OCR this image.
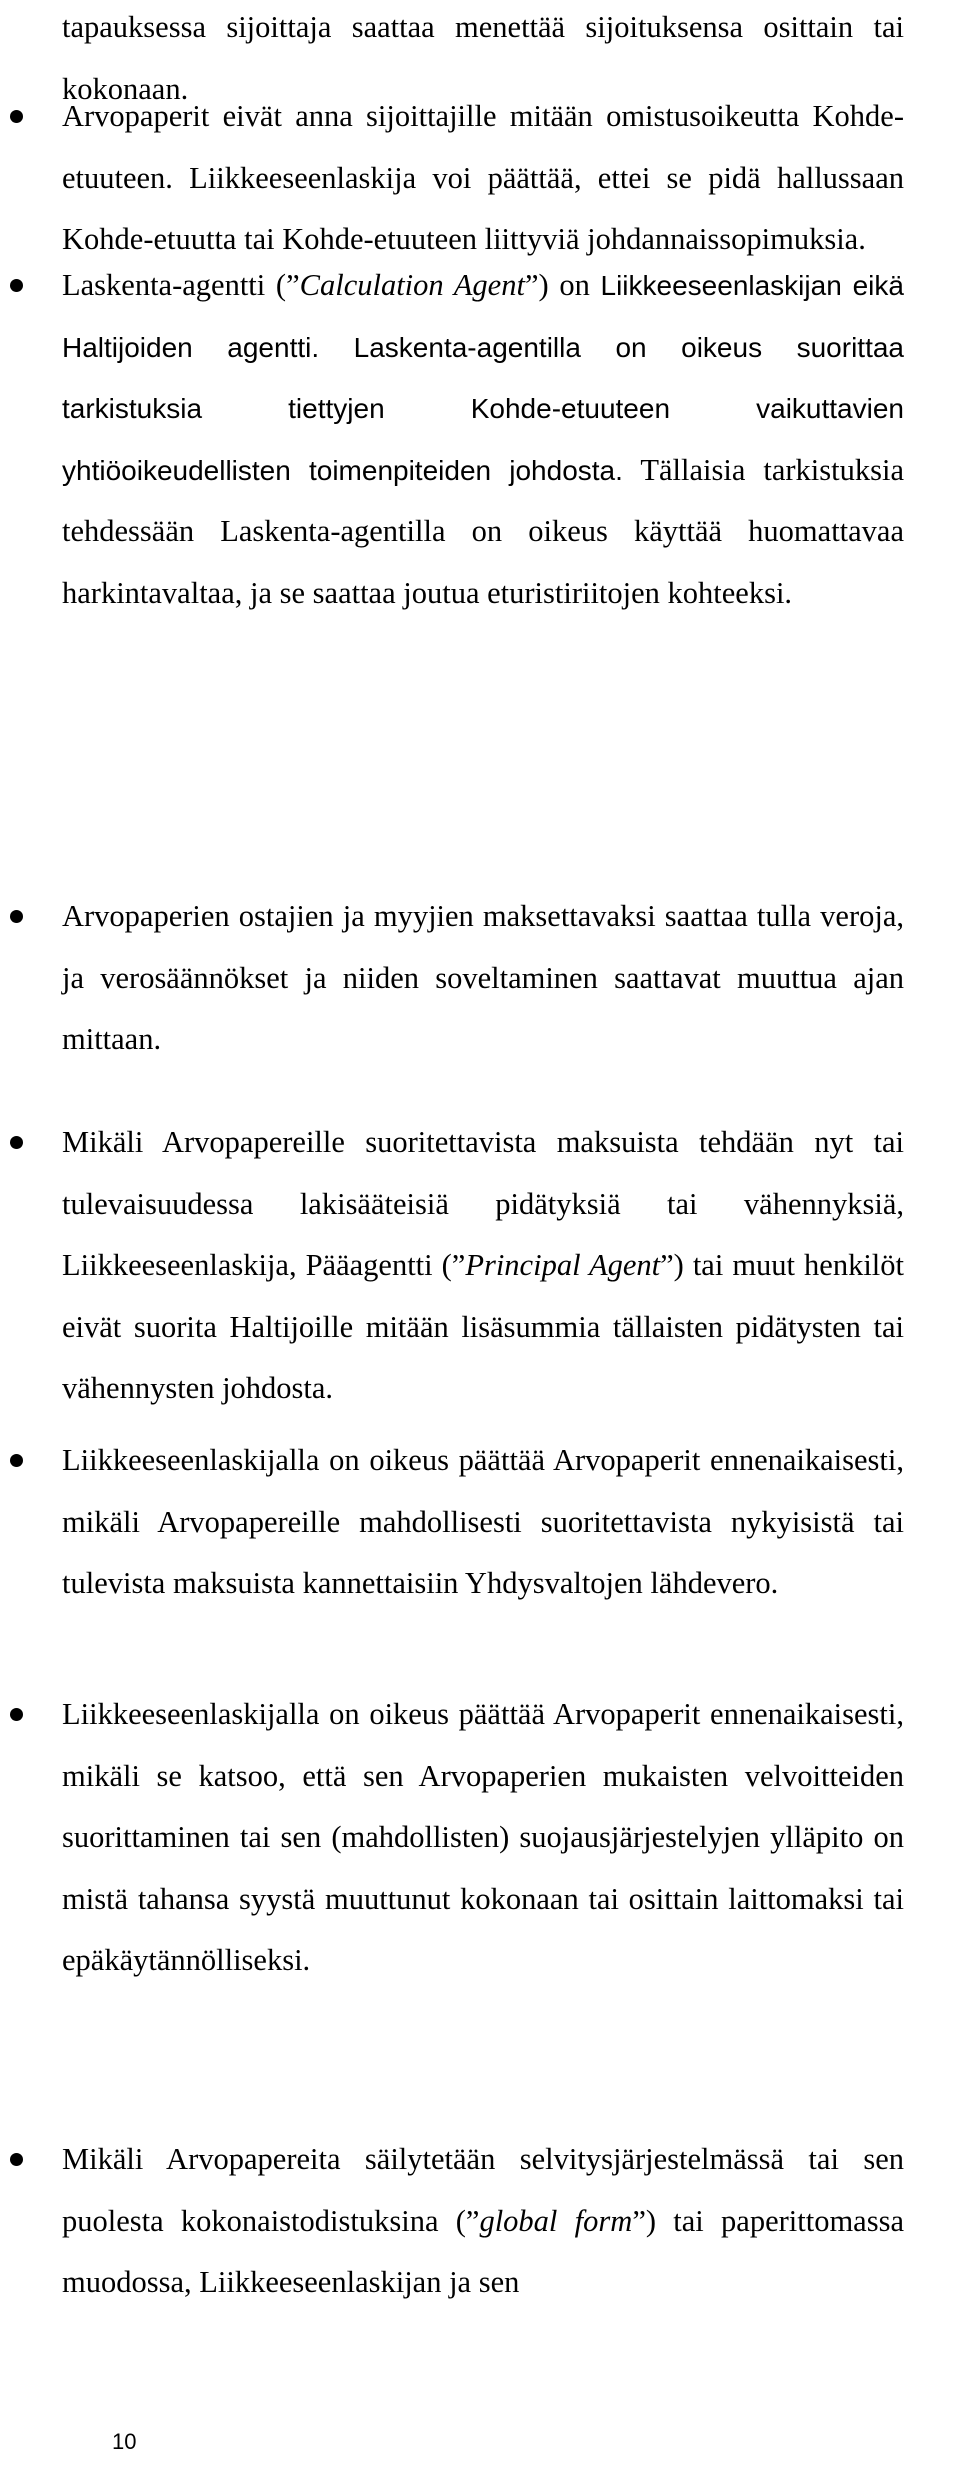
tapauksessa sijoittaja saattaa menettää sijoituksensa osittain tai kokonaan.

Arvopaperit eivät anna sijoittajille mitään omistusoikeutta Kohde-etuuteen. Liikkeeseenlaskija voi päättää, ettei se pidä hallussaan Kohde-etuutta tai Kohde-etuuteen liittyviä johdannaissopimuksia.

Laskenta-agentti (”Calculation Agent”) on Liikkeeseenlaskijan eikä Haltijoiden agentti. Laskenta-agentilla on oikeus suorittaa tarkistuksia tiettyjen Kohde-etuuteen vaikuttavien yhtiöoikeudellisten toimenpiteiden johdosta. Tällaisia tarkistuksia tehdessään Laskenta-agentilla on oikeus käyttää huomattavaa harkintavaltaa, ja se saattaa joutua eturistiriitojen kohteeksi.

Arvopaperien ostajien ja myyjien maksettavaksi saattaa tulla veroja, ja verosäännökset ja niiden soveltaminen saattavat muuttua ajan mittaan.

Mikäli Arvopapereille suoritettavista maksuista tehdään nyt tai tulevaisuudessa lakisääteisiä pidätyksiä tai vähennyksiä, Liikkeeseenlaskija, Pääagentti (”Principal Agent”) tai muut henkilöt eivät suorita Haltijoille mitään lisäsummia tällaisten pidätysten tai vähennysten johdosta.

Liikkeeseenlaskijalla on oikeus päättää Arvopaperit ennenaikaisesti, mikäli Arvopapereille mahdollisesti suoritettavista nykyisistä tai tulevista maksuista kannettaisiin Yhdysvaltojen lähdevero.

Liikkeeseenlaskijalla on oikeus päättää Arvopaperit ennenaikaisesti, mikäli se katsoo, että sen Arvopaperien mukaisten velvoitteiden suorittaminen tai sen (mahdollisten) suojausjärjestelyjen ylläpito on mistä tahansa syystä muuttunut kokonaan tai osittain laittomaksi tai epäkäytännölliseksi.

Mikäli Arvopapereita säilytetään selvitysjärjestelmässä tai sen puolesta kokonaistodistuksina (”global form”) tai paperittomassa muodossa, Liikkeeseenlaskijan ja sen

10
